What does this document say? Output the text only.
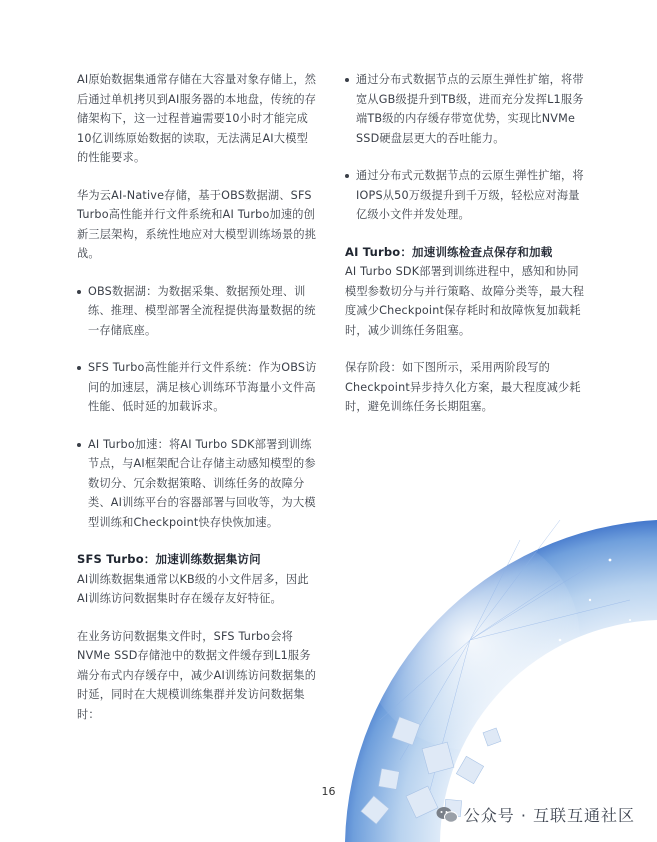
AI原始数据集通常存储在大容量对象存储上，然后通过单机拷贝到AI服务器的本地盘，传统的存储架构下，这一过程普遍需要10小时才能完成10亿训练原始数据的读取，无法满足AI大模型的性能要求。

华为云AI-Native存储，基于OBS数据湖、SFS Turbo高性能并行文件系统和AI Turbo加速的创新三层架构，系统性地应对大模型训练场景的挑战。

OBS数据湖：为数据采集、数据预处理、训练、推理、模型部署全流程提供海量数据的统一存储底座。
SFS Turbo高性能并行文件系统：作为OBS访问的加速层，满足核心训练环节海量小文件高性能、低时延的加载诉求。
AI Turbo加速：将AI Turbo SDK部署到训练节点，与AI框架配合让存储主动感知模型的参数切分、冗余数据策略、训练任务的故障分类、AI训练平台的容器部署与回收等，为大模型训练和Checkpoint快存快恢加速。
SFS Turbo：加速训练数据集访问

AI训练数据集通常以KB级的小文件居多，因此AI训练访问数据集时存在缓存友好特征。

在业务访问数据集文件时，SFS Turbo会将NVMe SSD存储池中的数据文件缓存到L1服务端分布式内存缓存中，减少AI训练访问数据集的时延，同时在大规模训练集群并发访问数据集时：

通过分布式数据节点的云原生弹性扩缩，将带宽从GB级提升到TB级，进而充分发挥L1服务端TB级的内存缓存带宽优势，实现比NVMe SSD硬盘层更大的吞吐能力。
通过分布式元数据节点的云原生弹性扩缩，将IOPS从50万级提升到千万级，轻松应对海量亿级小文件并发处理。
AI Turbo：加速训练检查点保存和加载

AI Turbo SDK部署到训练进程中，感知和协同模型参数切分与并行策略、故障分类等，最大程度减少Checkpoint保存耗时和故障恢复加载耗时，减少训练任务阻塞。

保存阶段：如下图所示，采用两阶段写的Checkpoint异步持久化方案，最大程度减少耗时，避免训练任务长期阻塞。

16
公众号 · 互联互通社区
